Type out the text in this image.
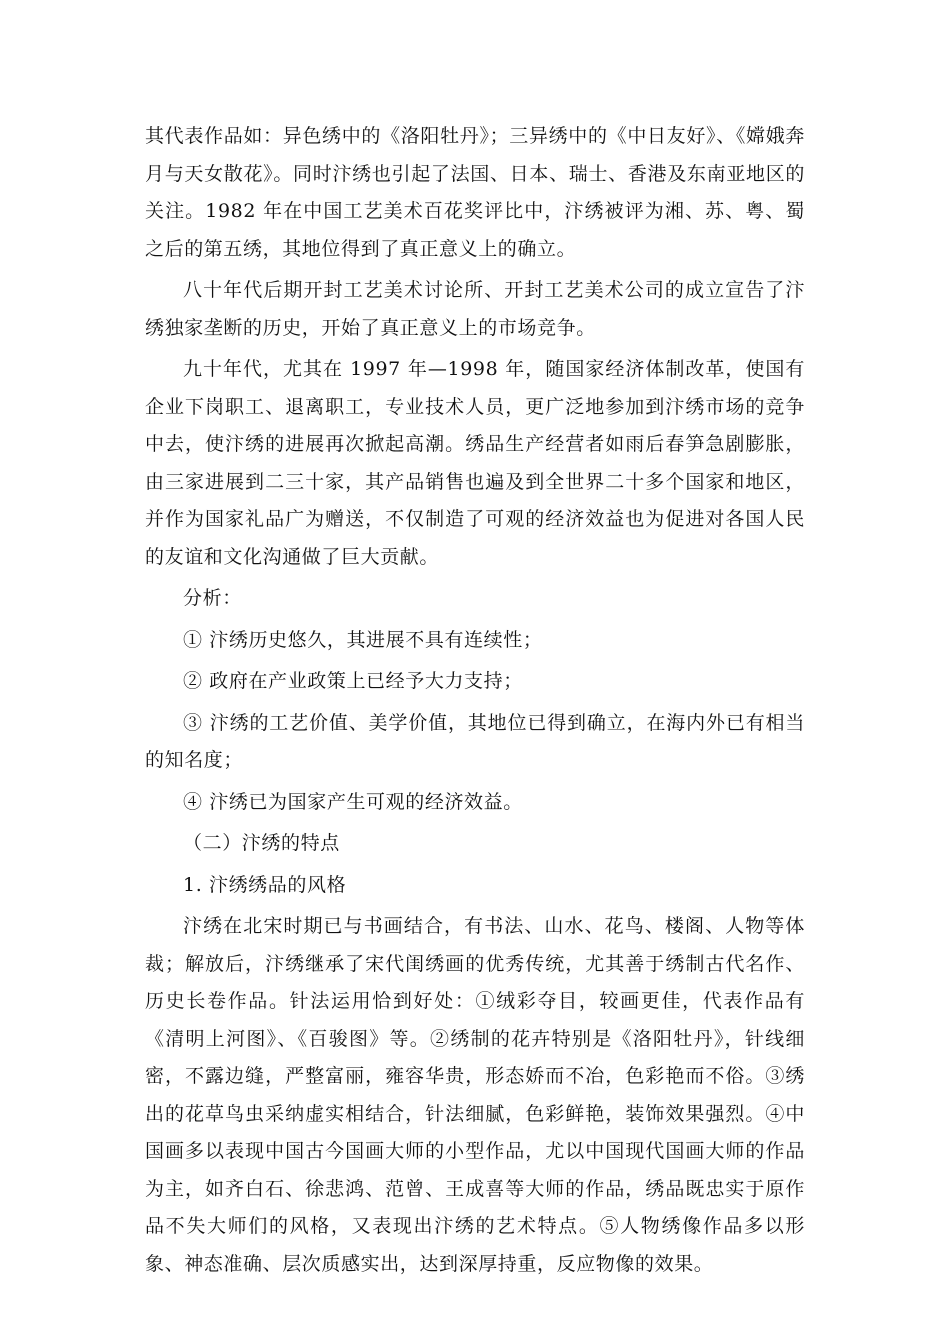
其代表作品如：异色绣中的《洛阳牡丹》；三异绣中的《中日友好》、《嫦娥奔月与天女散花》。同时汴绣也引起了法国、日本、瑞士、香港及东南亚地区的关注。1982 年在中国工艺美术百花奖评比中，汴绣被评为湘、苏、粤、蜀之后的第五绣，其地位得到了真正意义上的确立。

八十年代后期开封工艺美术讨论所、开封工艺美术公司的成立宣告了汴绣独家垄断的历史，开始了真正意义上的市场竞争。

九十年代，尤其在 1997 年—1998 年，随国家经济体制改革，使国有企业下岗职工、退离职工，专业技术人员，更广泛地参加到汴绣市场的竞争中去，使汴绣的进展再次掀起高潮。绣品生产经营者如雨后春笋急剧膨胀，由三家进展到二三十家，其产品销售也遍及到全世界二十多个国家和地区，并作为国家礼品广为赠送，不仅制造了可观的经济效益也为促进对各国人民的友谊和文化沟通做了巨大贡献。

分析：

① 汴绣历史悠久，其进展不具有连续性；

② 政府在产业政策上已经予大力支持；

③ 汴绣的工艺价值、美学价值，其地位已得到确立，在海内外已有相当的知名度；

④ 汴绣已为国家产生可观的经济效益。

（二）汴绣的特点

1. 汴绣绣品的风格

汴绣在北宋时期已与书画结合，有书法、山水、花鸟、楼阁、人物等体裁；解放后，汴绣继承了宋代闺绣画的优秀传统，尤其善于绣制古代名作、历史长卷作品。针法运用恰到好处：①绒彩夺目，较画更佳，代表作品有《清明上河图》、《百骏图》等。②绣制的花卉特别是《洛阳牡丹》，针线细密，不露边缝，严整富丽，雍容华贵，形态娇而不冶，色彩艳而不俗。③绣出的花草鸟虫采纳虚实相结合，针法细腻，色彩鲜艳，装饰效果强烈。④中国画多以表现中国古今国画大师的小型作品，尤以中国现代国画大师的作品为主，如齐白石、徐悲鸿、范曾、王成喜等大师的作品，绣品既忠实于原作品不失大师们的风格，又表现出汴绣的艺术特点。⑤人物绣像作品多以形象、神态准确、层次质感实出，达到深厚持重，反应物像的效果。
